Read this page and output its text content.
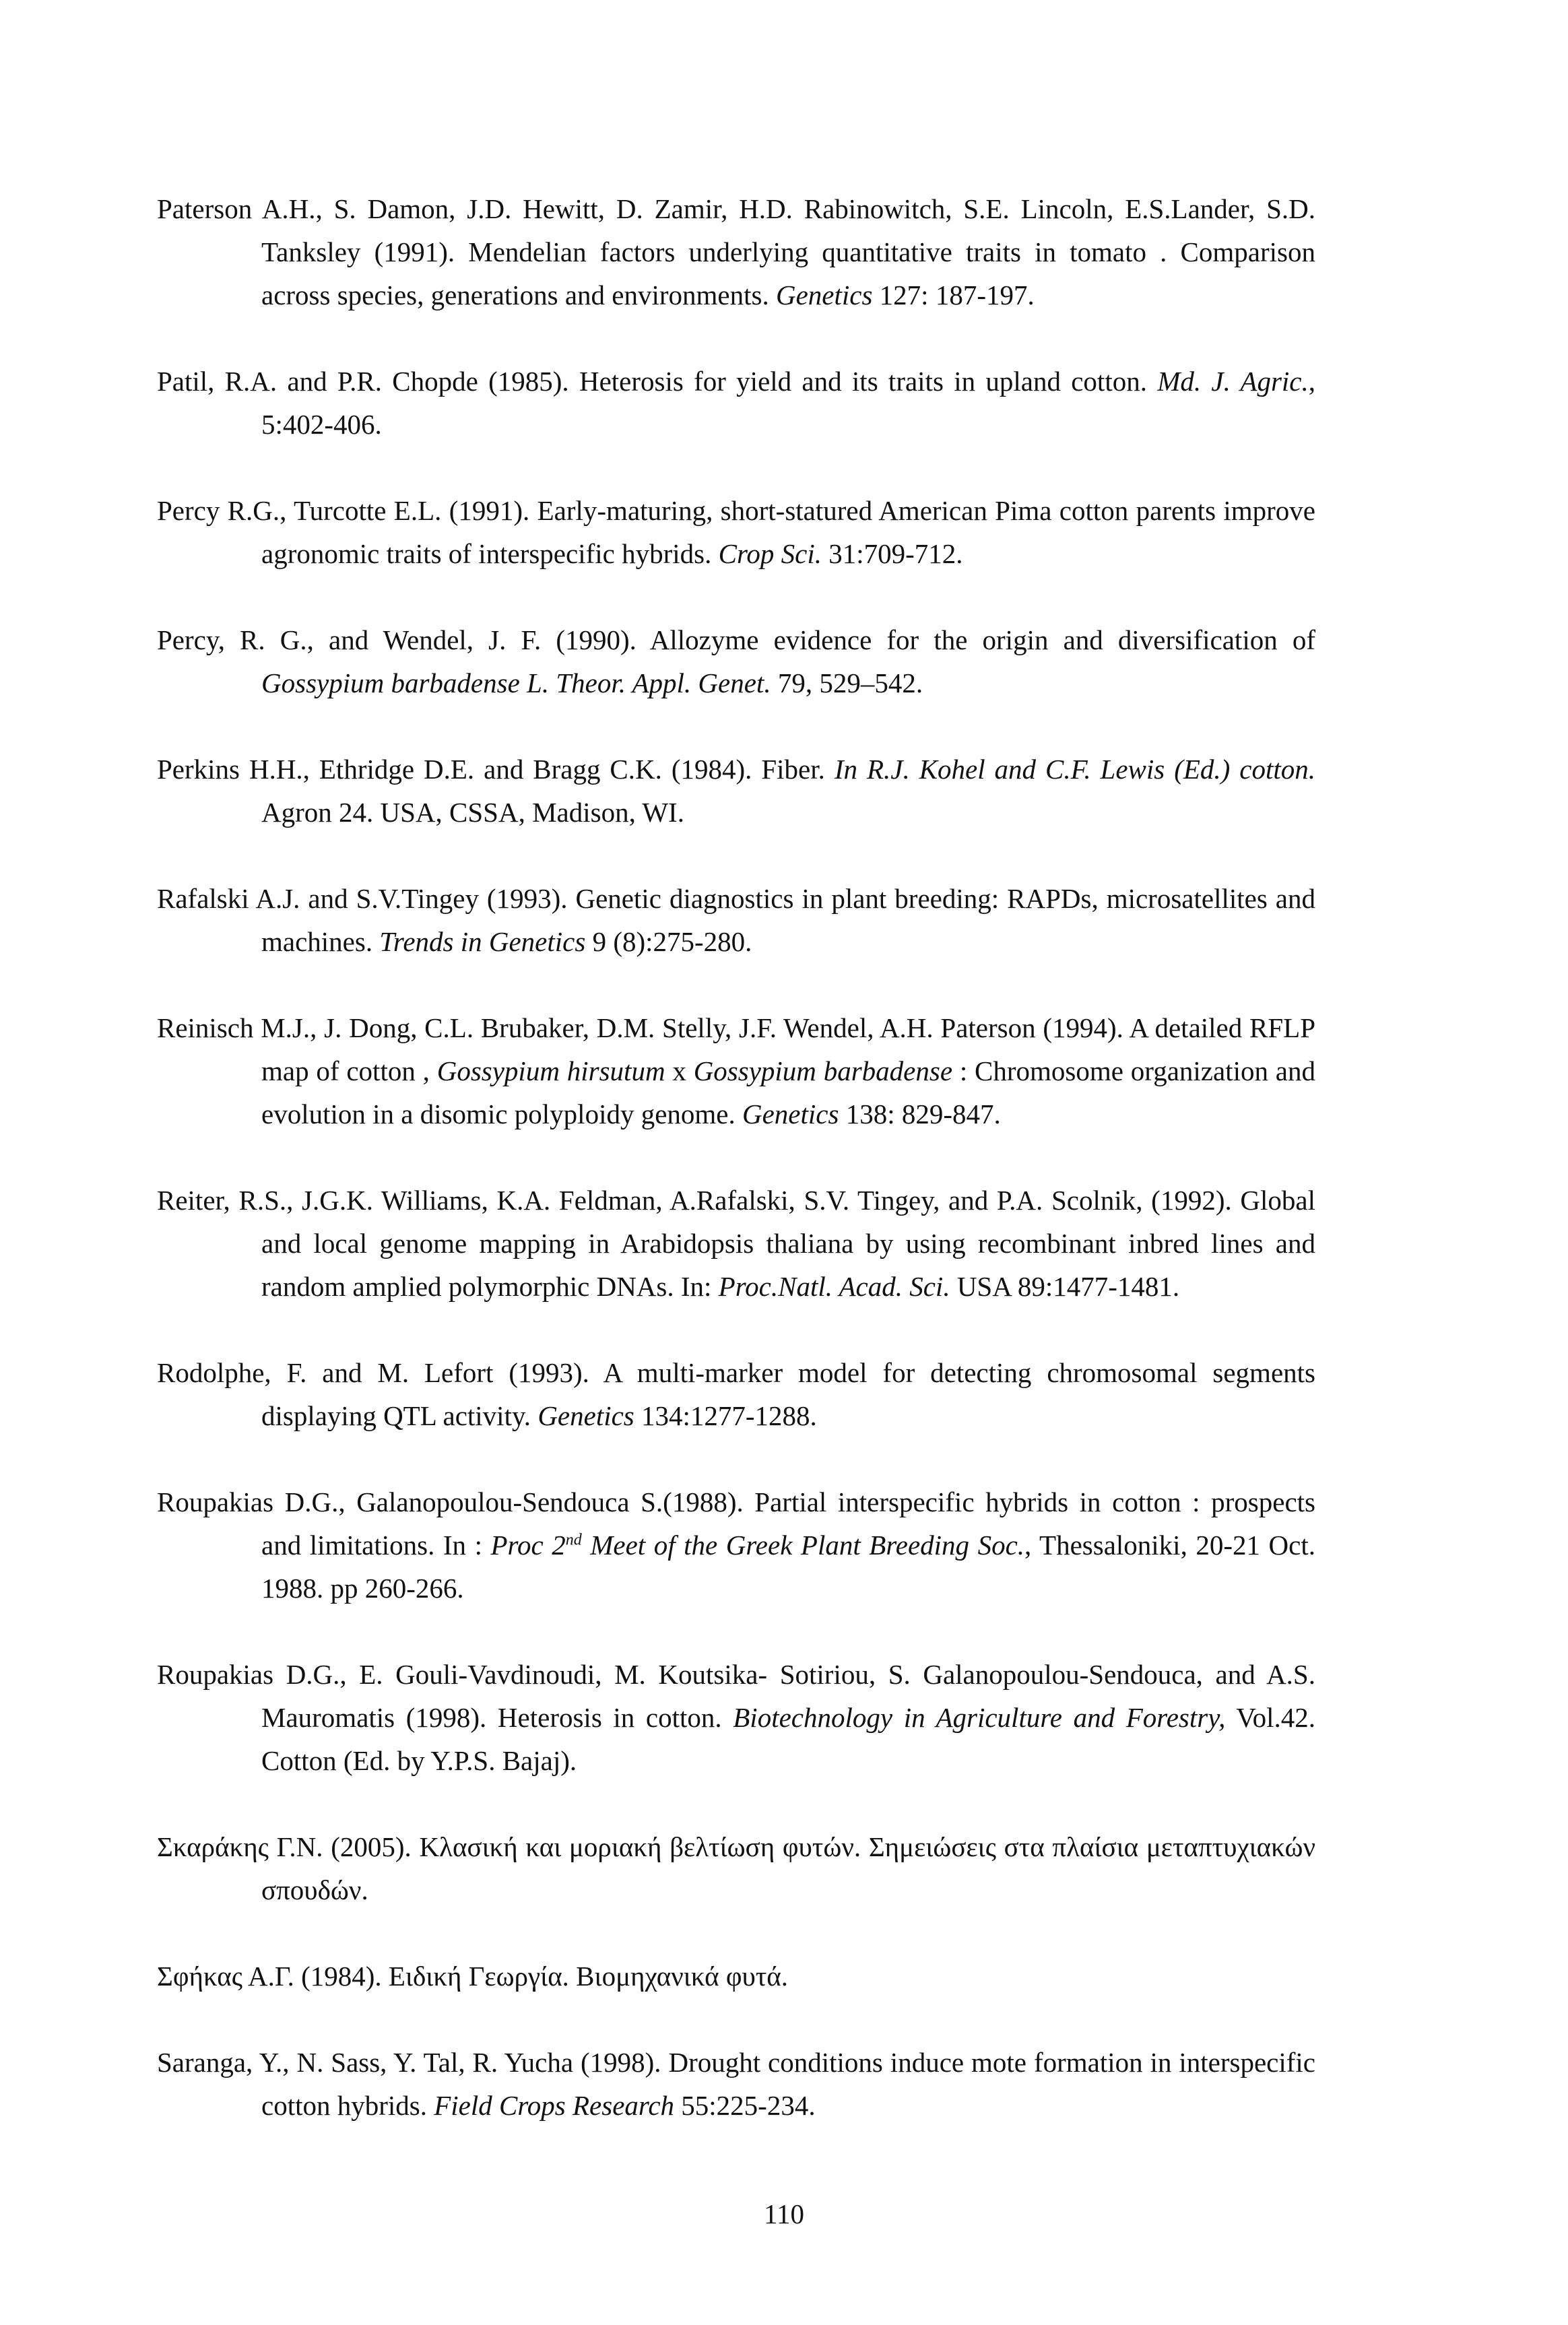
Paterson A.H., S. Damon, J.D. Hewitt, D. Zamir, H.D. Rabinowitch, S.E. Lincoln, E.S.Lander, S.D. Tanksley (1991). Mendelian factors underlying quantitative traits in tomato . Comparison across species, generations and environments. Genetics 127: 187-197.

Patil, R.A. and P.R. Chopde (1985). Heterosis for yield and its traits in upland cotton. Md. J. Agric., 5:402-406.

Percy R.G., Turcotte E.L. (1991). Early-maturing, short-statured American Pima cotton parents improve agronomic traits of interspecific hybrids. Crop Sci. 31:709-712.

Percy, R. G., and Wendel, J. F. (1990). Allozyme evidence for the origin and diversification of Gossypium barbadense L. Theor. Appl. Genet. 79, 529–542.

Perkins H.H., Ethridge D.E. and Bragg C.K. (1984). Fiber. In R.J. Kohel and C.F. Lewis (Ed.) cotton. Agron 24. USA, CSSA, Madison, WI.

Rafalski A.J. and S.V.Tingey (1993). Genetic diagnostics in plant breeding: RAPDs, microsatellites and machines. Trends in Genetics 9 (8):275-280.

Reinisch M.J., J. Dong, C.L. Brubaker, D.M. Stelly, J.F. Wendel, A.H. Paterson (1994). A detailed RFLP map of cotton , Gossypium hirsutum x Gossypium barbadense : Chromosome organization and evolution in a disomic polyploidy genome. Genetics 138: 829-847.

Reiter, R.S., J.G.K. Williams, K.A. Feldman, A.Rafalski, S.V. Tingey, and P.A. Scolnik, (1992). Global and local genome mapping in Arabidopsis thaliana by using recombinant inbred lines and random amplied polymorphic DNAs. In: Proc.Natl. Acad. Sci. USA 89:1477-1481.

Rodolphe, F. and M. Lefort (1993). A multi-marker model for detecting chromosomal segments displaying QTL activity. Genetics 134:1277-1288.

Roupakias D.G., Galanopoulou-Sendouca S.(1988). Partial interspecific hybrids in cotton : prospects and limitations. In : Proc 2nd Meet of the Greek Plant Breeding Soc., Thessaloniki, 20-21 Oct. 1988. pp 260-266.

Roupakias D.G., E. Gouli-Vavdinoudi, M. Koutsika- Sotiriou, S. Galanopoulou-Sendouca, and A.S. Mauromatis (1998). Heterosis in cotton. Biotechnology in Agriculture and Forestry, Vol.42. Cotton (Ed. by Y.P.S. Bajaj).

Σκαράκης Γ.Ν. (2005). Κλασική και μοριακή βελτίωση φυτών. Σημειώσεις στα πλαίσια μεταπτυχιακών σπουδών.

Σφήκας Α.Γ. (1984). Ειδική Γεωργία. Βιομηχανικά φυτά.

Saranga, Y., N. Sass, Y. Tal, R. Yucha (1998). Drought conditions induce mote formation in interspecific cotton hybrids. Field Crops Research 55:225-234.

110
